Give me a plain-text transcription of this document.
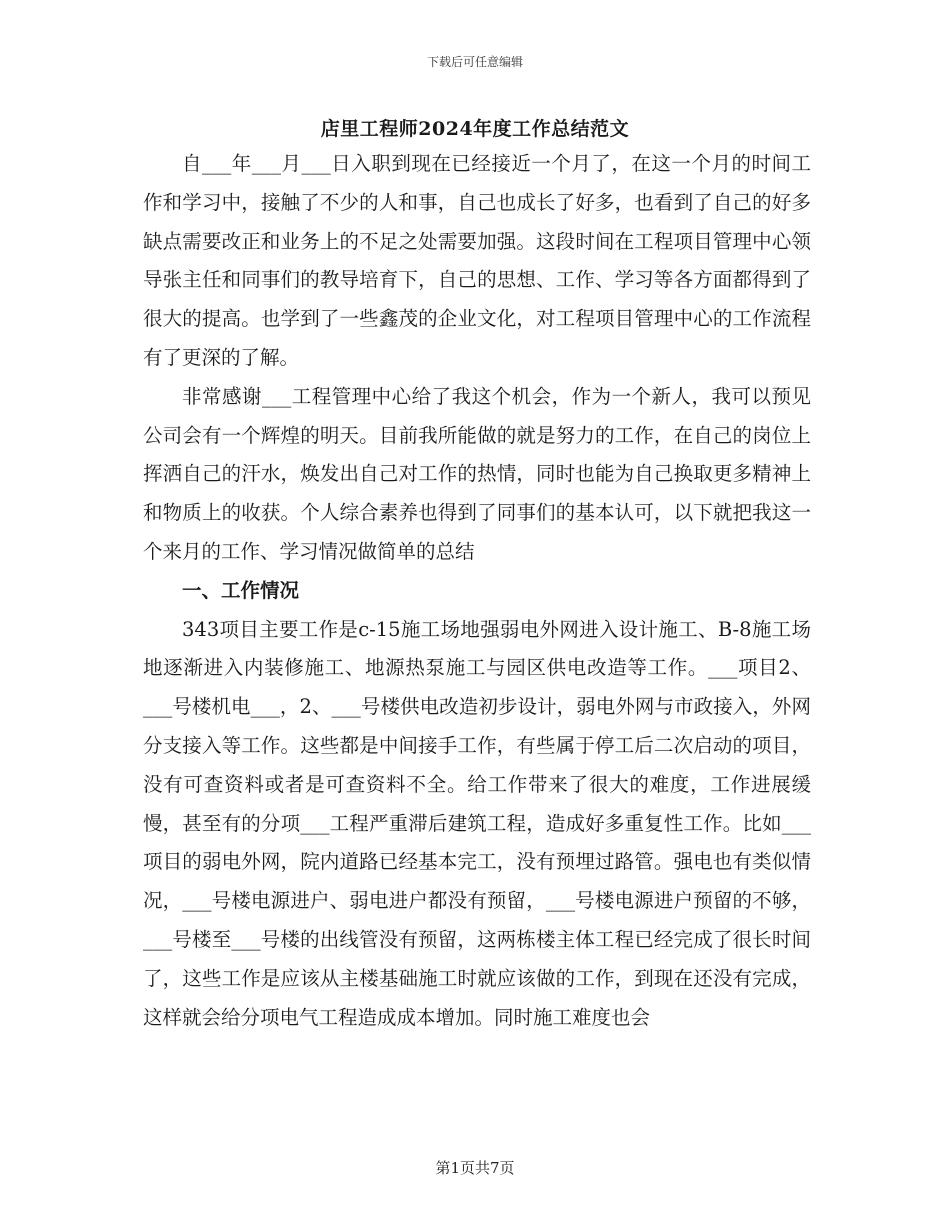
下载后可任意编辑
店里工程师2024年度工作总结范文

自___年___月___日入职到现在已经接近一个月了，在这一个月的时间工作和学习中，接触了不少的人和事，自己也成长了好多，也看到了自己的好多缺点需要改正和业务上的不足之处需要加强。这段时间在工程项目管理中心领导张主任和同事们的教导培育下，自己的思想、工作、学习等各方面都得到了很大的提高。也学到了一些鑫茂的企业文化，对工程项目管理中心的工作流程有了更深的了解。

非常感谢___工程管理中心给了我这个机会，作为一个新人，我可以预见公司会有一个辉煌的明天。目前我所能做的就是努力的工作，在自己的岗位上挥洒自己的汗水，焕发出自己对工作的热情，同时也能为自己换取更多精神上和物质上的收获。个人综合素养也得到了同事们的基本认可，以下就把我这一个来月的工作、学习情况做简单的总结

一、工作情况

343项目主要工作是c-15施工场地强弱电外网进入设计施工、B-8施工场地逐渐进入内装修施工、地源热泵施工与园区供电改造等工作。___项目2、___号楼机电___，2、___号楼供电改造初步设计，弱电外网与市政接入，外网分支接入等工作。这些都是中间接手工作，有些属于停工后二次启动的项目，没有可查资料或者是可查资料不全。给工作带来了很大的难度，工作进展缓慢，甚至有的分项___工程严重滞后建筑工程，造成好多重复性工作。比如___项目的弱电外网，院内道路已经基本完工，没有预埋过路管。强电也有类似情况，___号楼电源进户、弱电进户都没有预留，___号楼电源进户预留的不够，___号楼至___号楼的出线管没有预留，这两栋楼主体工程已经完成了很长时间了，这些工作是应该从主楼基础施工时就应该做的工作，到现在还没有完成，这样就会给分项电气工程造成成本增加。同时施工难度也会

第1页共7页
